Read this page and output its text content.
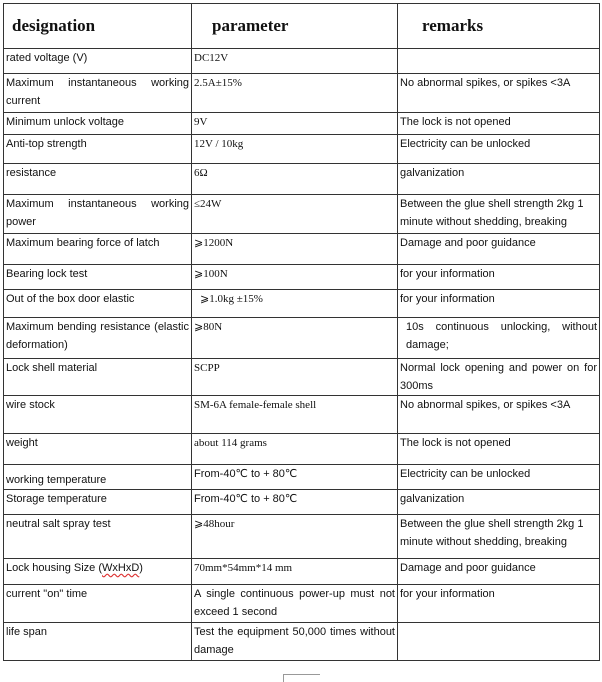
designation	parameter	remarks
rated voltage (V)	DC12V	
Maximum instantaneous working current	2.5A±15%	No abnormal spikes, or spikes <3A
Minimum unlock voltage	9V	The lock is not opened
Anti-top strength	12V / 10kg	Electricity can be unlocked
resistance	6Ω	galvanization
Maximum instantaneous working power	≤24W	Between the glue shell strength 2kg 1 minute without shedding, breaking
Maximum bearing force of latch	⩾1200N	Damage and poor guidance
Bearing lock test	⩾100N	for your information
Out of the box door elastic	⩾1.0kg ±15%	for your information
Maximum bending resistance (elastic deformation)	⩾80N	10s continuous unlocking, without damage;
Lock shell material	SCPP	Normal lock opening and power on for 300ms
wire stock	SM-6A female-female shell	No abnormal spikes, or spikes <3A
weight	about 114 grams	The lock is not opened
working temperature	From-40℃ to + 80℃	Electricity can be unlocked
Storage temperature	From-40℃ to + 80℃	galvanization
neutral salt spray test	⩾48hour	Between the glue shell strength 2kg 1 minute without shedding, breaking
Lock housing Size (WxHxD)	70mm*54mm*14 mm	Damage and poor guidance
current "on" time	A single continuous power-up must not exceed 1 second	for your information
life span	Test the equipment 50,000 times without damage	
